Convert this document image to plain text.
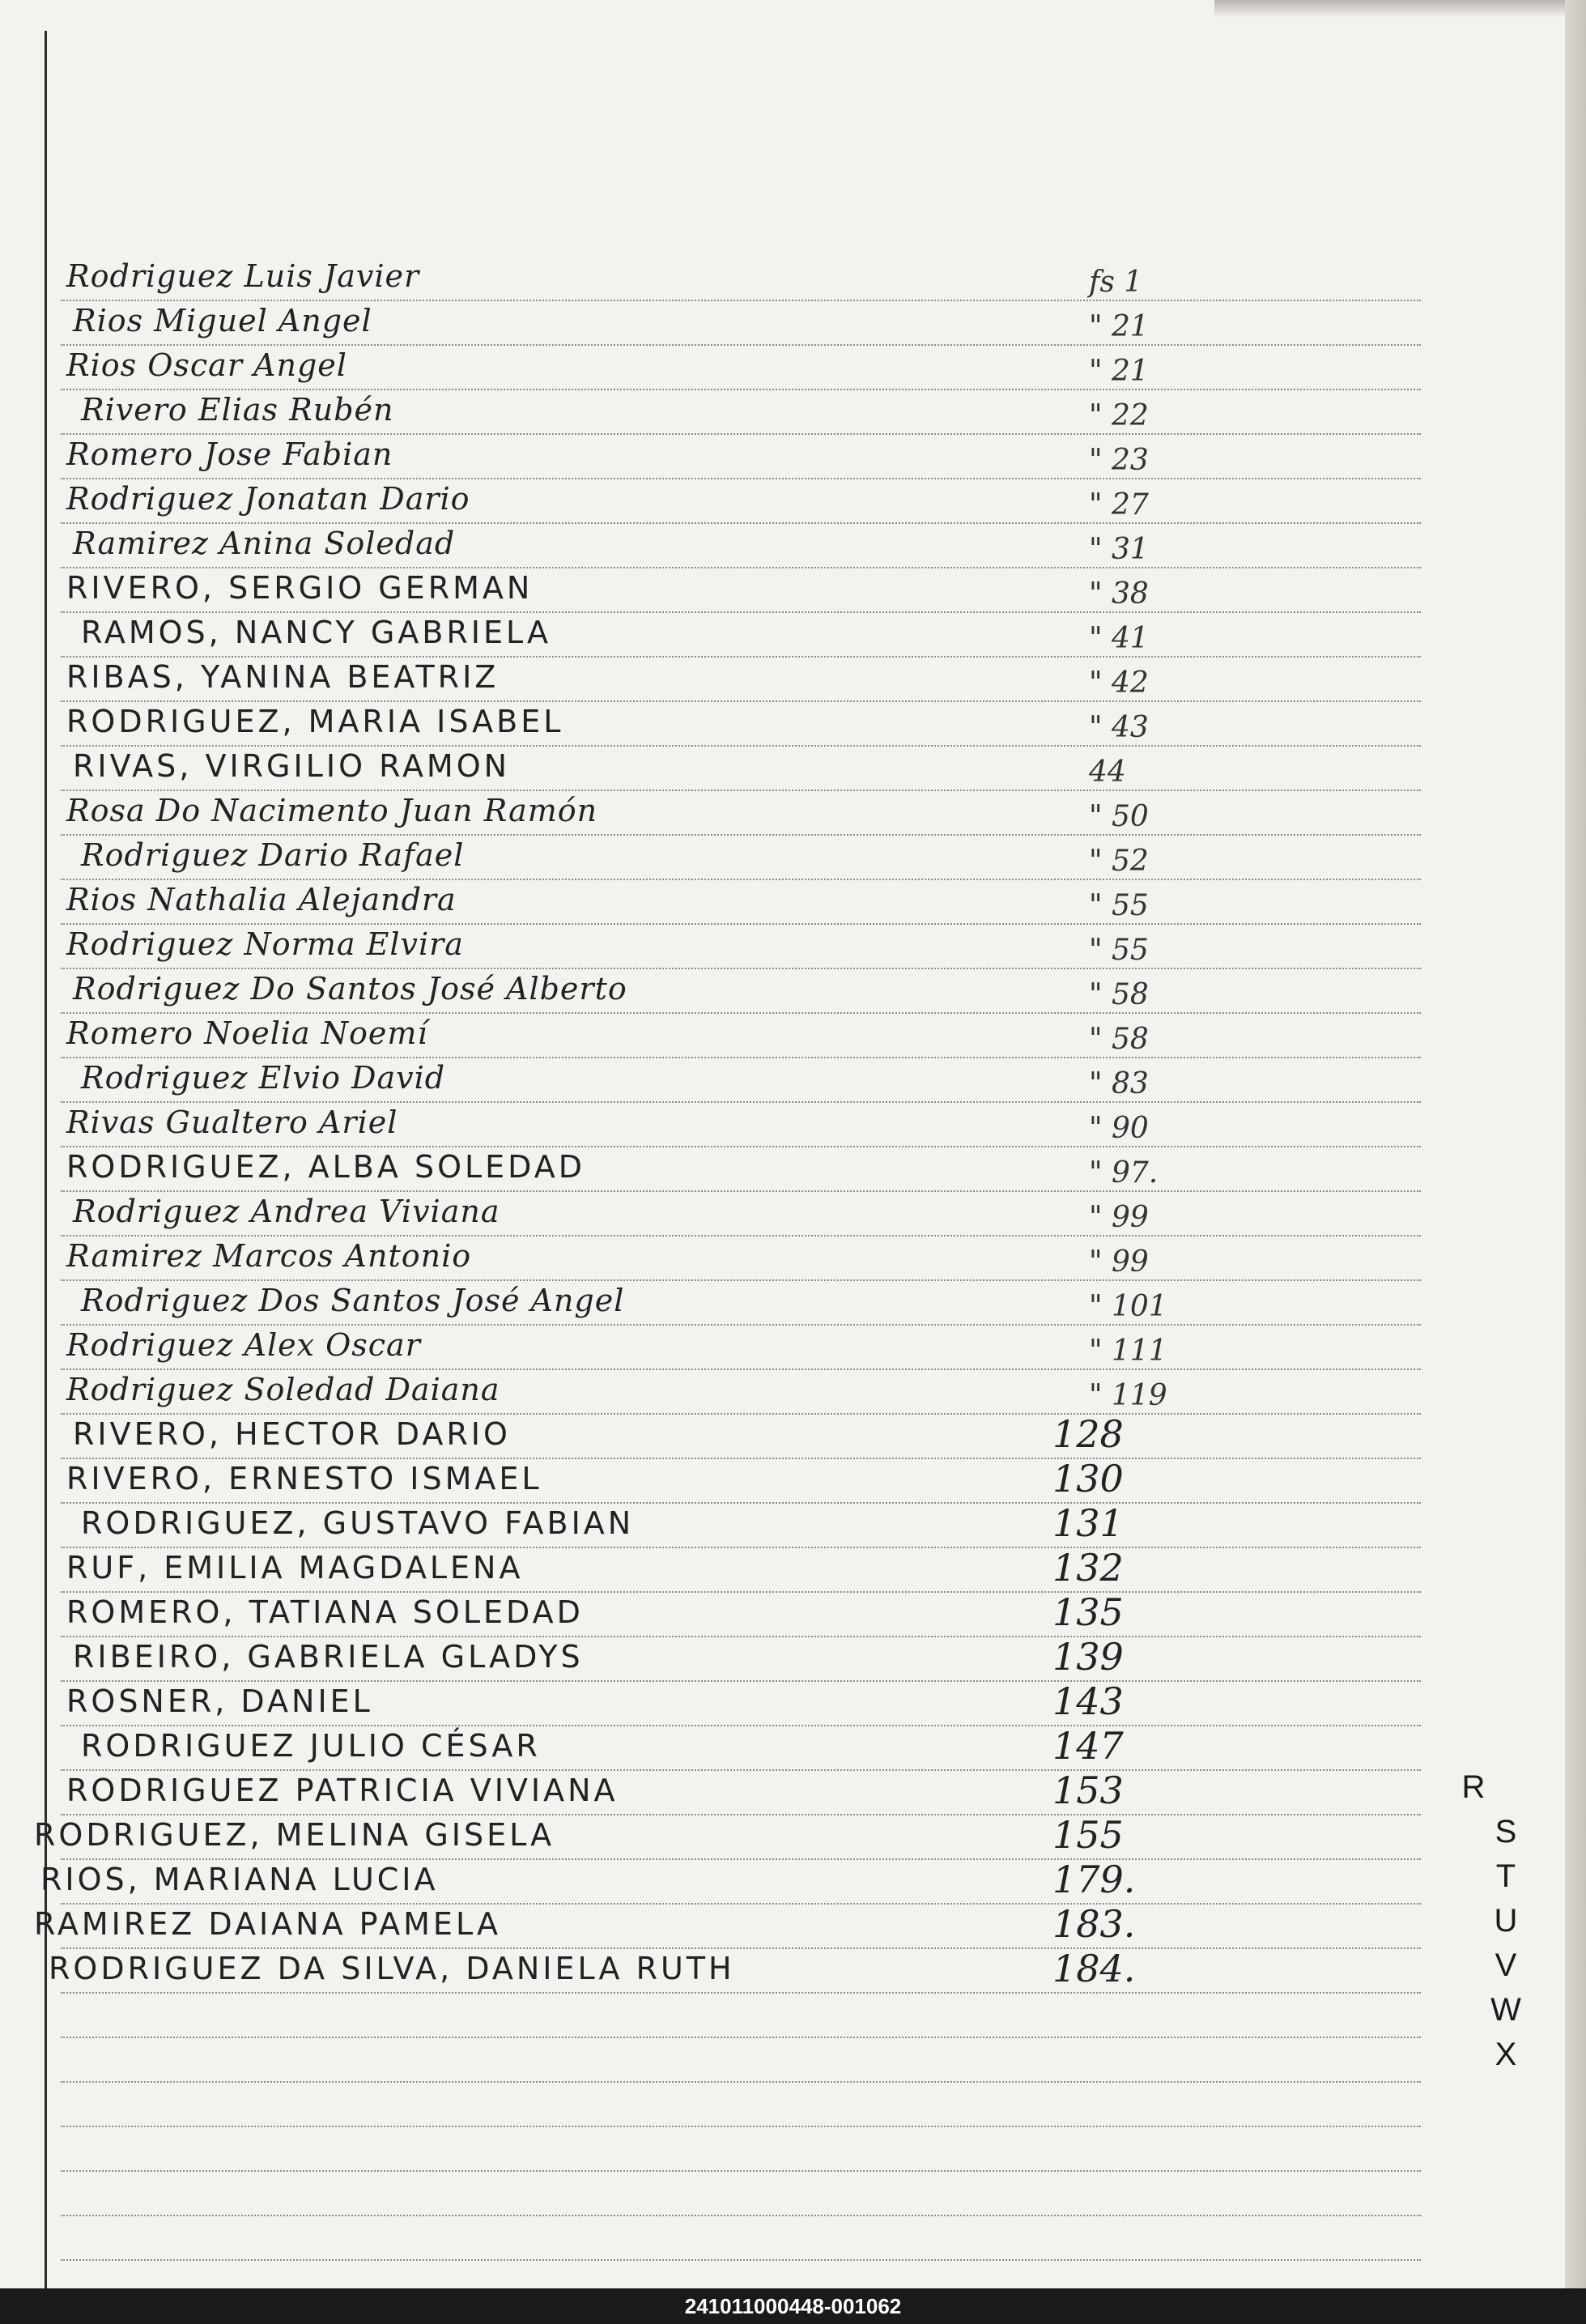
Rodriguez Luis Javier	fs 1
Rios Miguel Angel	" 21
Rios Oscar Angel	" 21
Rivero Elias Rubén	" 22
Romero Jose Fabian	" 23
Rodriguez Jonatan Dario	" 27
Ramirez Anina Soledad	" 31
RIVERO, SERGIO GERMAN	" 38
RAMOS, NANCY GABRIELA	" 41
RIBAS, YANINA BEATRIZ	" 42
RODRIGUEZ, MARIA ISABEL	" 43
RIVAS, VIRGILIO RAMON	44
Rosa Do Nacimento Juan Ramón	" 50
Rodriguez Dario Rafael	" 52
Rios Nathalia Alejandra	" 55
Rodriguez Norma Elvira	" 55
Rodriguez Do Santos José Alberto	" 58
Romero Noelia Noemí	" 58
Rodriguez Elvio David	" 83
Rivas Gualtero Ariel	" 90
RODRIGUEZ, ALBA SOLEDAD	" 97.
Rodriguez Andrea Viviana	" 99
Ramirez Marcos Antonio	" 99
Rodriguez Dos Santos José Angel	" 101
Rodriguez Alex Oscar	" 111
Rodriguez Soledad Daiana	" 119
RIVERO, HECTOR DARIO	128
RIVERO, ERNESTO ISMAEL	130
RODRIGUEZ, GUSTAVO FABIAN	131
RUF, EMILIA MAGDALENA	132
ROMERO, TATIANA SOLEDAD	135
RIBEIRO, GABRIELA GLADYS	139
ROSNER, DANIEL	143
RODRIGUEZ JULIO CÉSAR	147
RODRIGUEZ PATRICIA VIVIANA	153
RODRIGUEZ, MELINA GISELA	155
RIOS, MARIANA LUCIA	179.
RAMIREZ DAIANA PAMELA	183.
RODRIGUEZ DA SILVA, DANIELA RUTH	184.
R
S
T
U
V
W
X
241011000448-001062
